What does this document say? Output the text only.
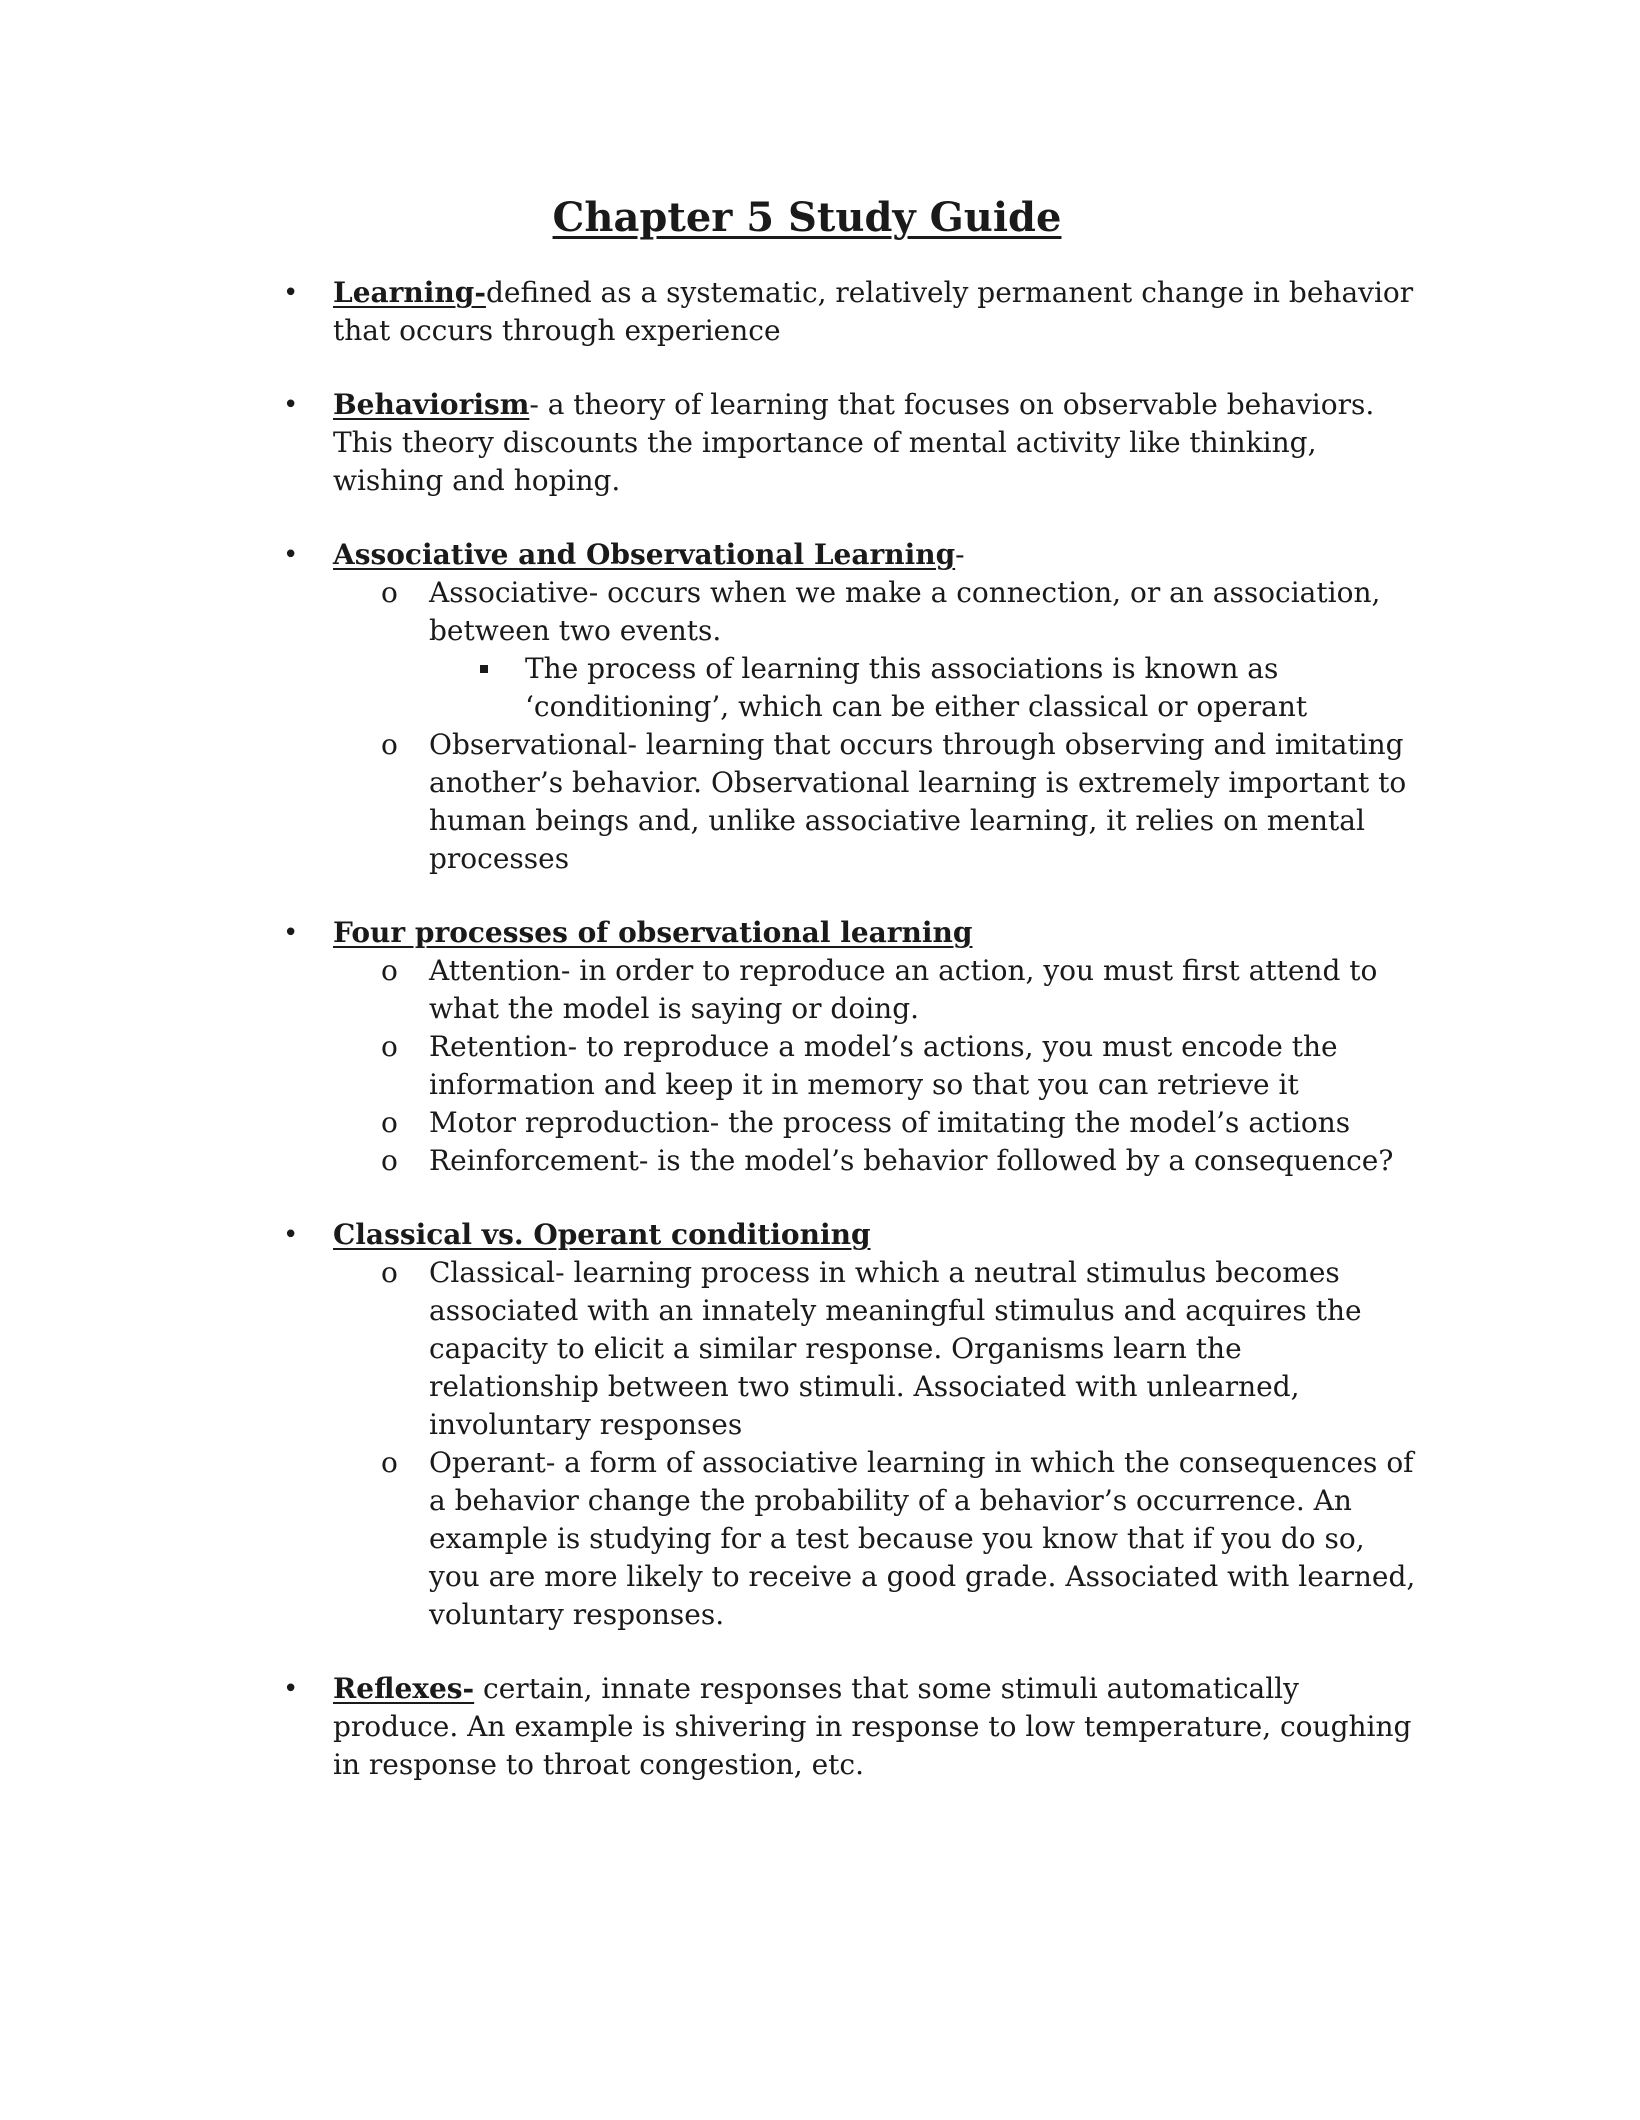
Chapter 5 Study Guide
• Learning-defined as a systematic, relatively permanent change in behavior that occurs through experience
• Behaviorism- a theory of learning that focuses on observable behaviors. This theory discounts the importance of mental activity like thinking, wishing and hoping.
• Associative and Observational Learning-
o Associative- occurs when we make a connection, or an association, between two events.
The process of learning this associations is known as ‘conditioning’, which can be either classical or operant
o Observational- learning that occurs through observing and imitating another’s behavior. Observational learning is extremely important to human beings and, unlike associative learning, it relies on mental processes
• Four processes of observational learning
o Attention- in order to reproduce an action, you must first attend to what the model is saying or doing.
o Retention- to reproduce a model’s actions, you must encode the information and keep it in memory so that you can retrieve it
o Motor reproduction- the process of imitating the model’s actions
o Reinforcement- is the model’s behavior followed by a consequence?
• Classical vs. Operant conditioning
o Classical- learning process in which a neutral stimulus becomes associated with an innately meaningful stimulus and acquires the capacity to elicit a similar response. Organisms learn the relationship between two stimuli. Associated with unlearned, involuntary responses
o Operant- a form of associative learning in which the consequences of a behavior change the probability of a behavior’s occurrence. An example is studying for a test because you know that if you do so, you are more likely to receive a good grade. Associated with learned, voluntary responses.
• Reflexes- certain, innate responses that some stimuli automatically produce. An example is shivering in response to low temperature, coughing in response to throat congestion, etc.
